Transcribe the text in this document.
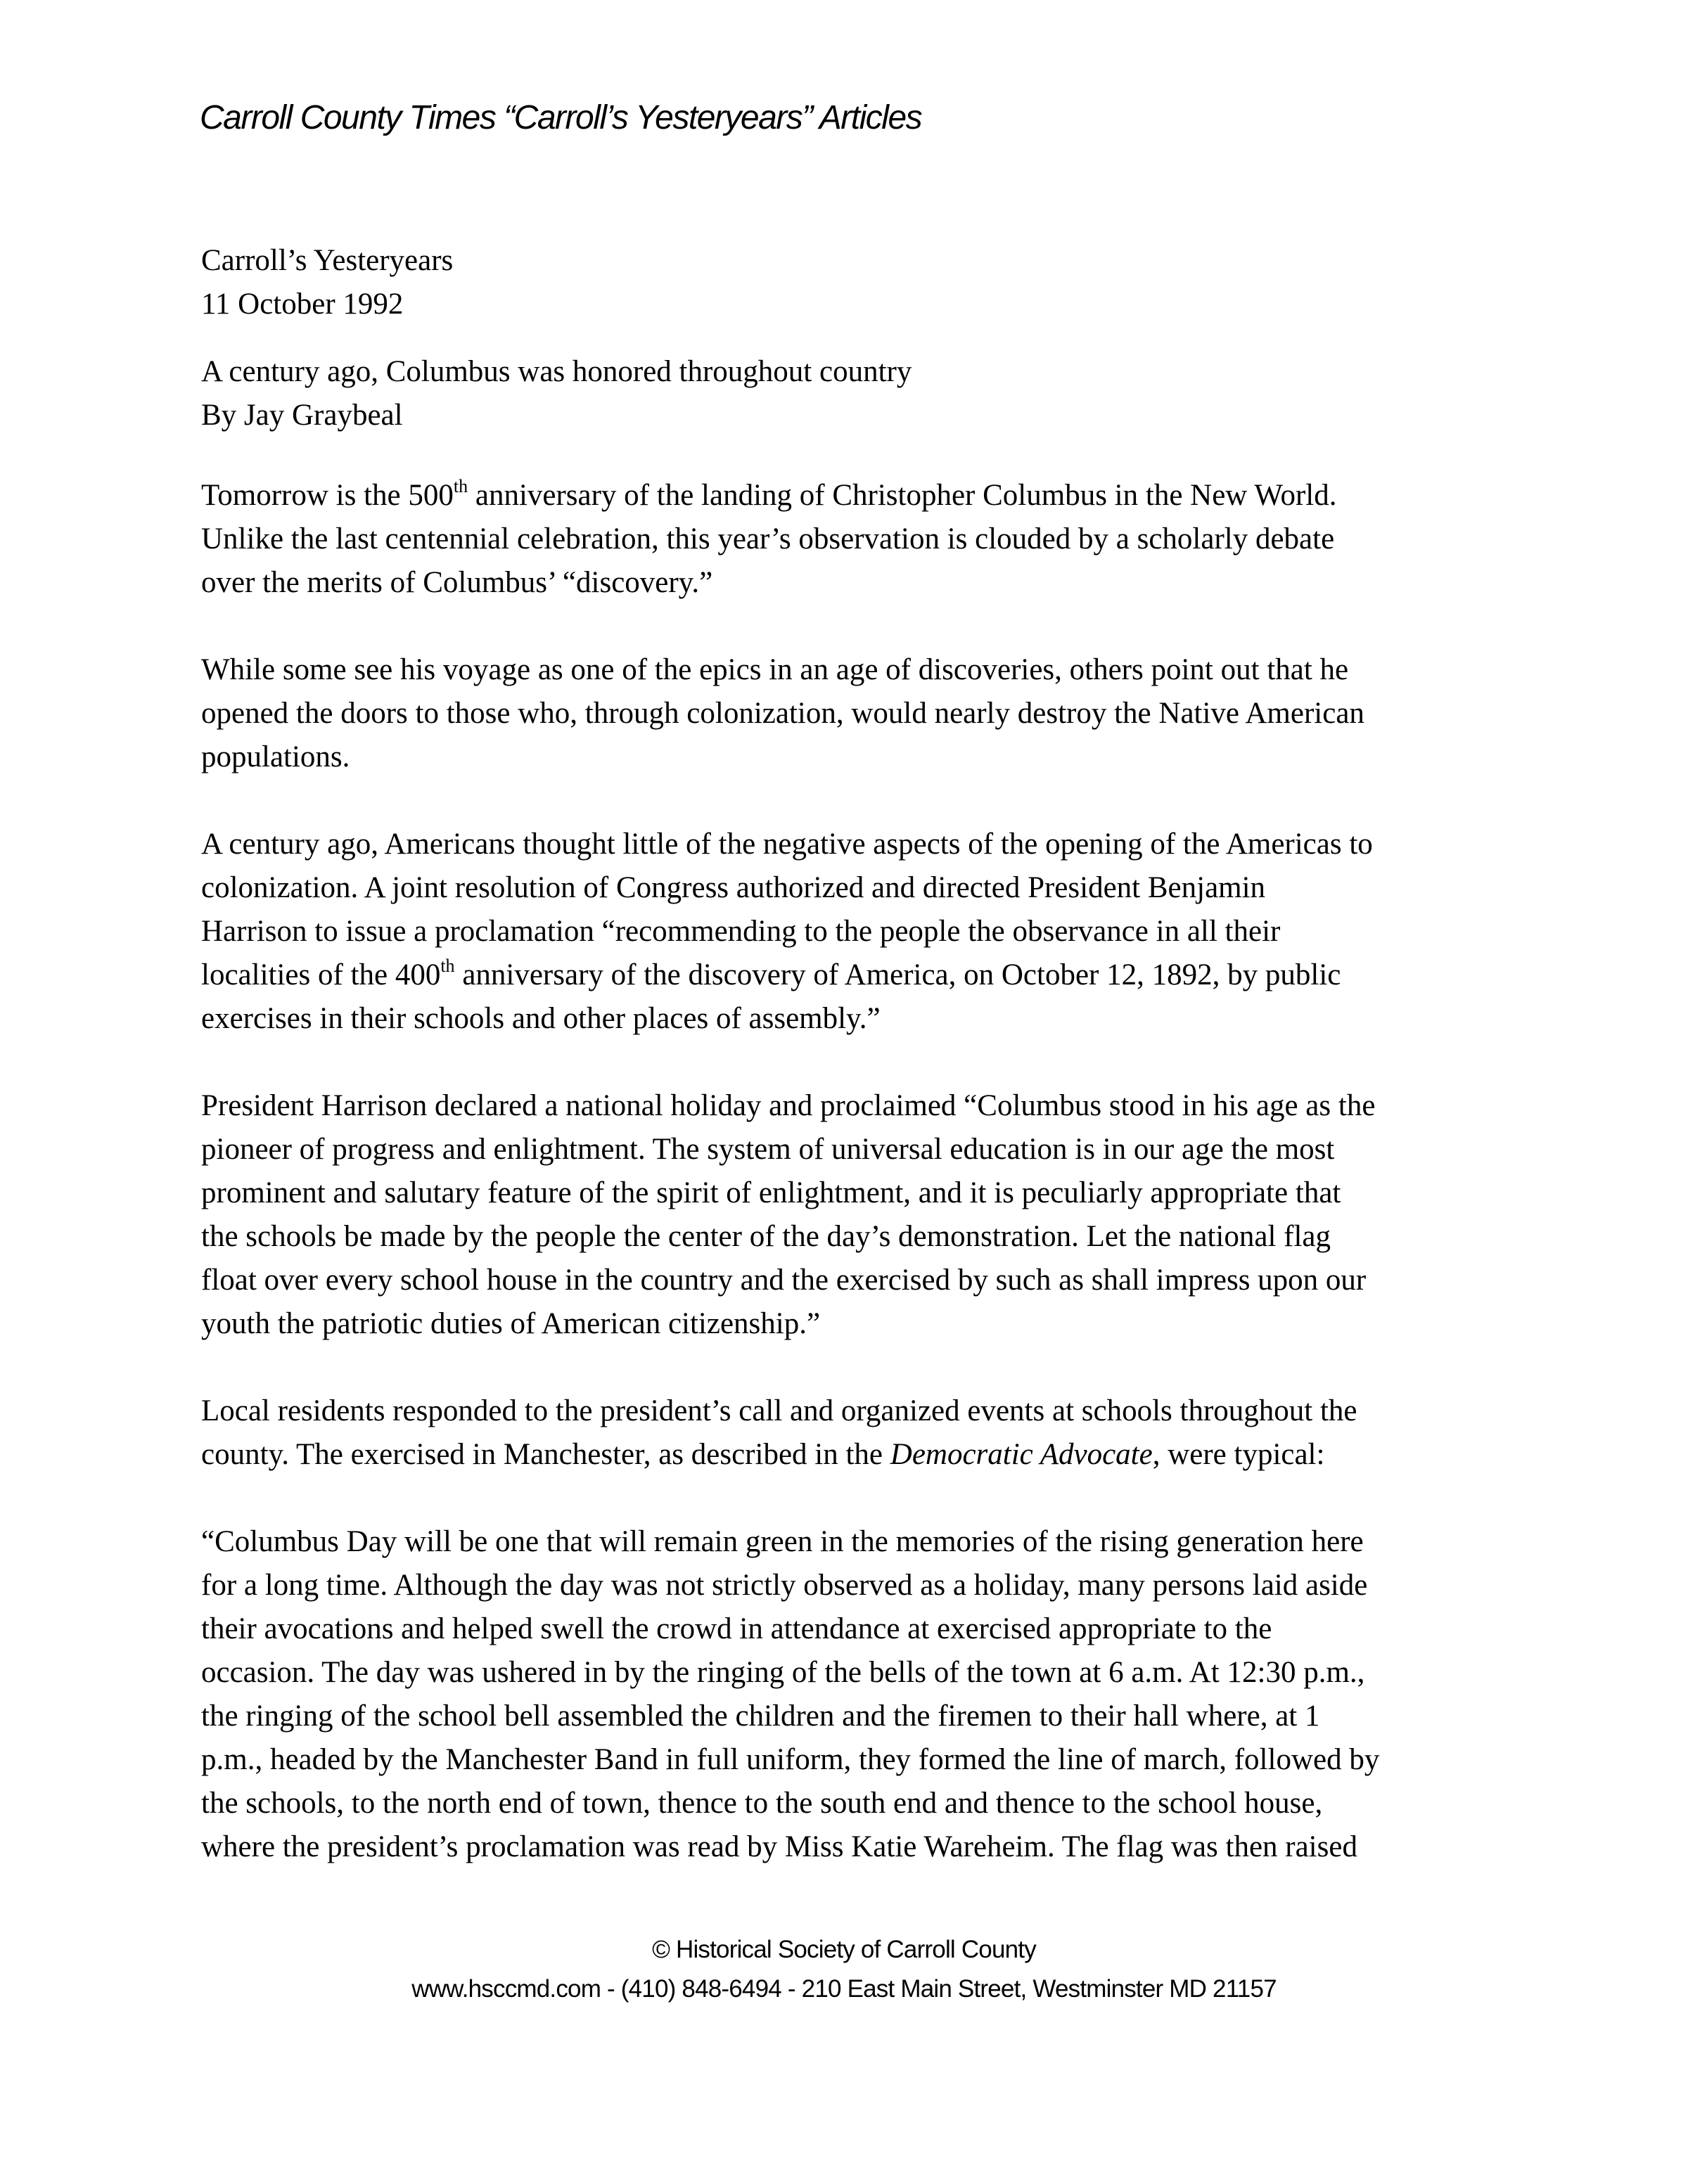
Carroll County Times “Carroll’s Yesteryears” Articles
Carroll’s Yesteryears
11 October 1992
A century ago, Columbus was honored throughout country
By Jay Graybeal
Tomorrow is the 500th anniversary of the landing of Christopher Columbus in the New World.
Unlike the last centennial celebration, this year’s observation is clouded by a scholarly debate
over the merits of Columbus’ “discovery.”
While some see his voyage as one of the epics in an age of discoveries, others point out that he
opened the doors to those who, through colonization, would nearly destroy the Native American
populations.
A century ago, Americans thought little of the negative aspects of the opening of the Americas to
colonization. A joint resolution of Congress authorized and directed President Benjamin
Harrison to issue a proclamation “recommending to the people the observance in all their
localities of the 400th anniversary of the discovery of America, on October 12, 1892, by public
exercises in their schools and other places of assembly.”
President Harrison declared a national holiday and proclaimed “Columbus stood in his age as the
pioneer of progress and enlightment. The system of universal education is in our age the most
prominent and salutary feature of the spirit of enlightment, and it is peculiarly appropriate that
the schools be made by the people the center of the day’s demonstration. Let the national flag
float over every school house in the country and the exercised by such as shall impress upon our
youth the patriotic duties of American citizenship.”
Local residents responded to the president’s call and organized events at schools throughout the
county. The exercised in Manchester, as described in the Democratic Advocate, were typical:
“Columbus Day will be one that will remain green in the memories of the rising generation here
for a long time. Although the day was not strictly observed as a holiday, many persons laid aside
their avocations and helped swell the crowd in attendance at exercised appropriate to the
occasion. The day was ushered in by the ringing of the bells of the town at 6 a.m. At 12:30 p.m.,
the ringing of the school bell assembled the children and the firemen to their hall where, at 1
p.m., headed by the Manchester Band in full uniform, they formed the line of march, followed by
the schools, to the north end of town, thence to the south end and thence to the school house,
where the president’s proclamation was read by Miss Katie Wareheim. The flag was then raised
© Historical Society of Carroll County
www.hsccmd.com - (410) 848-6494 - 210 East Main Street, Westminster MD 21157
